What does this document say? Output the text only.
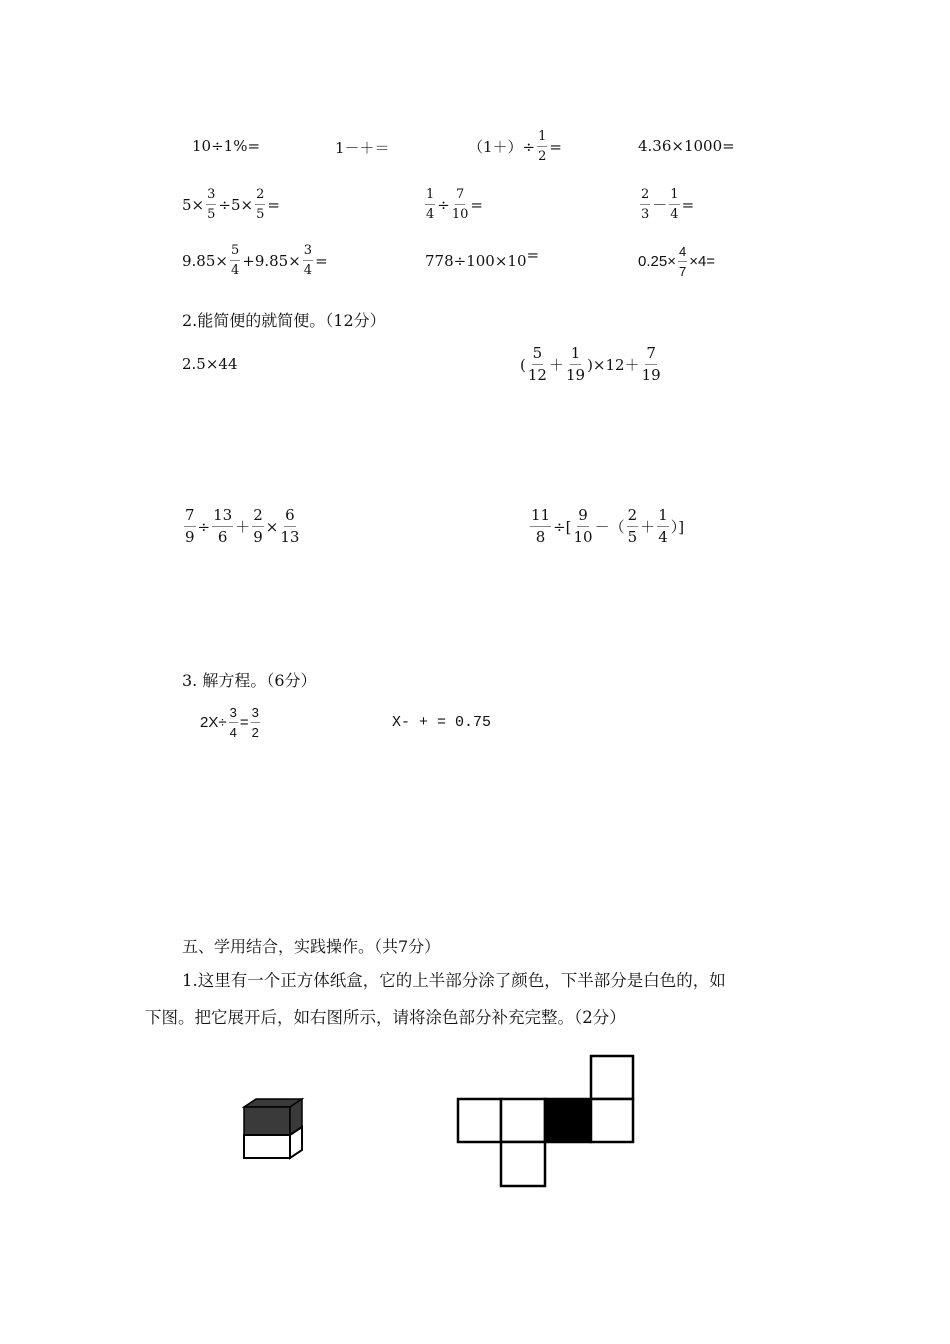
10÷1%=	1－＋＝	$(1+)\div \frac{1}{2}$ =	4.36×1000=
$5\times \frac{3}{5} \div 5\times \frac{2}{5}$ =	$\frac{1}{4} \div \frac{7}{10}$ =	$\frac{2}{3} - \frac{1}{4}$ =
$9.85\times \frac{5}{4} +9.85\times \frac{3}{4}$ =	778÷100×10=	$0.25\times \frac{4}{7} \times 4=$
2.能简便的就简便。（12分）
2.5×44	( $\frac{5}{12} + \frac{1}{19} )\times 12+ \frac{7}{19}$
$\frac{7}{9} \div \frac{13}{6} + \frac{2}{9} \times \frac{6}{13}$	$\frac{11}{8}$ ÷[ $\frac{9}{10}$ －（ $\frac{2}{5} + \frac{1}{4}$ ）]
3. 解方程。（6分）
$2X\div \frac{3}{4} = \frac{3}{2}$	X- + = 0.75
五、学用结合，实践操作。（共7分）
1.这里有一个正方体纸盒，它的上半部分涂了颜色，下半部分是白色的，如
下图。把它展开后，如右图所示，请将涂色部分补充完整。（2分）
